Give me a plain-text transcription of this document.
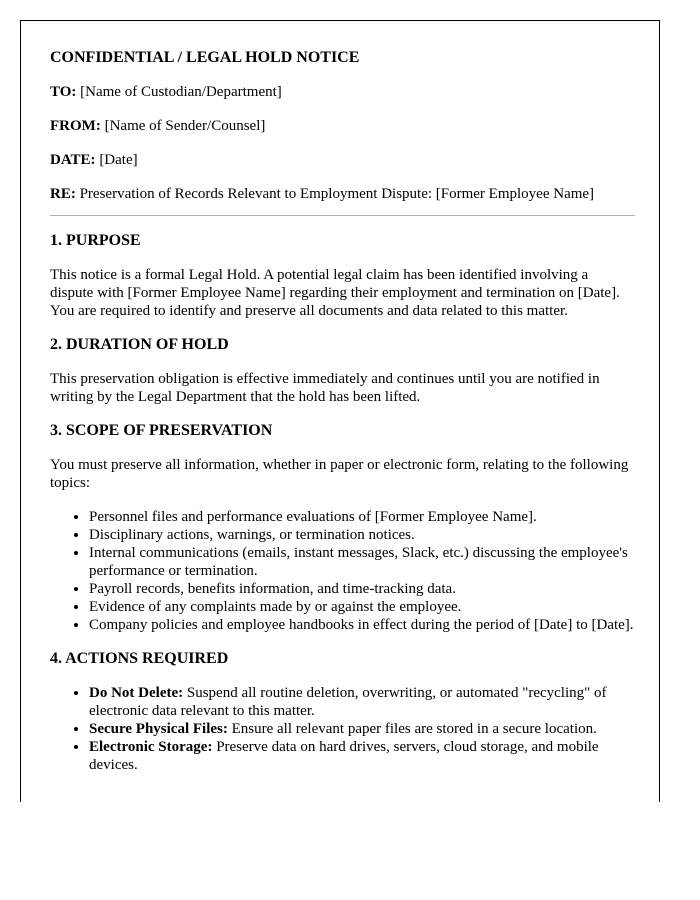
CONFIDENTIAL / LEGAL HOLD NOTICE
TO: [Name of Custodian/Department]
FROM: [Name of Sender/Counsel]
DATE: [Date]
RE: Preservation of Records Relevant to Employment Dispute: [Former Employee Name]
1. PURPOSE

This notice is a formal Legal Hold. A potential legal claim has been identified involving a dispute with [Former Employee Name] regarding their employment and termination on [Date]. You are required to identify and preserve all documents and data related to this matter.

2. DURATION OF HOLD

This preservation obligation is effective immediately and continues until you are notified in writing by the Legal Department that the hold has been lifted.

3. SCOPE OF PRESERVATION

You must preserve all information, whether in paper or electronic form, relating to the following topics:

• Personnel files and performance evaluations of [Former Employee Name].
• Disciplinary actions, warnings, or termination notices.
• Internal communications (emails, instant messages, Slack, etc.) discussing the employee's performance or termination.
• Payroll records, benefits information, and time-tracking data.
• Evidence of any complaints made by or against the employee.
• Company policies and employee handbooks in effect during the period of [Date] to [Date].
4. ACTIONS REQUIRED
• Do Not Delete: Suspend all routine deletion, overwriting, or automated "recycling" of electronic data relevant to this matter.
• Secure Physical Files: Ensure all relevant paper files are stored in a secure location.
• Electronic Storage: Preserve data on hard drives, servers, cloud storage, and mobile devices.
